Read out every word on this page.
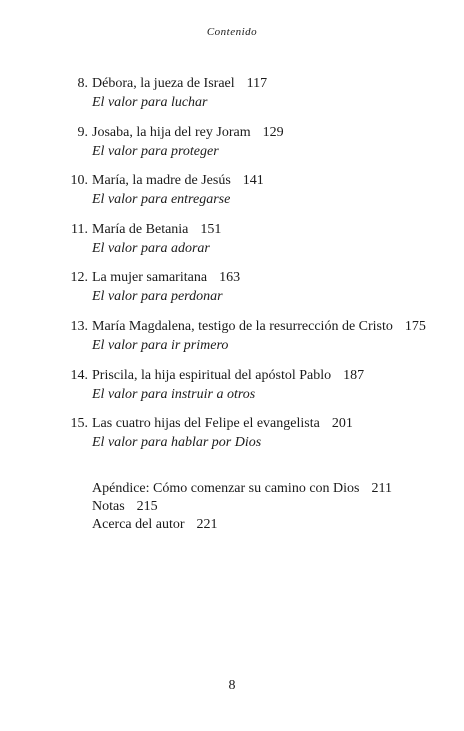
Contenido
8. Débora, la jueza de Israel 117
El valor para luchar
9. Josaba, la hija del rey Joram 129
El valor para proteger
10. María, la madre de Jesús 141
El valor para entregarse
11. María de Betania 151
El valor para adorar
12. La mujer samaritana 163
El valor para perdonar
13. María Magdalena, testigo de la resurrección de Cristo 175
El valor para ir primero
14. Priscila, la hija espiritual del apóstol Pablo 187
El valor para instruir a otros
15. Las cuatro hijas del Felipe el evangelista 201
El valor para hablar por Dios
Apéndice: Cómo comenzar su camino con Dios 211
Notas 215
Acerca del autor 221
8
